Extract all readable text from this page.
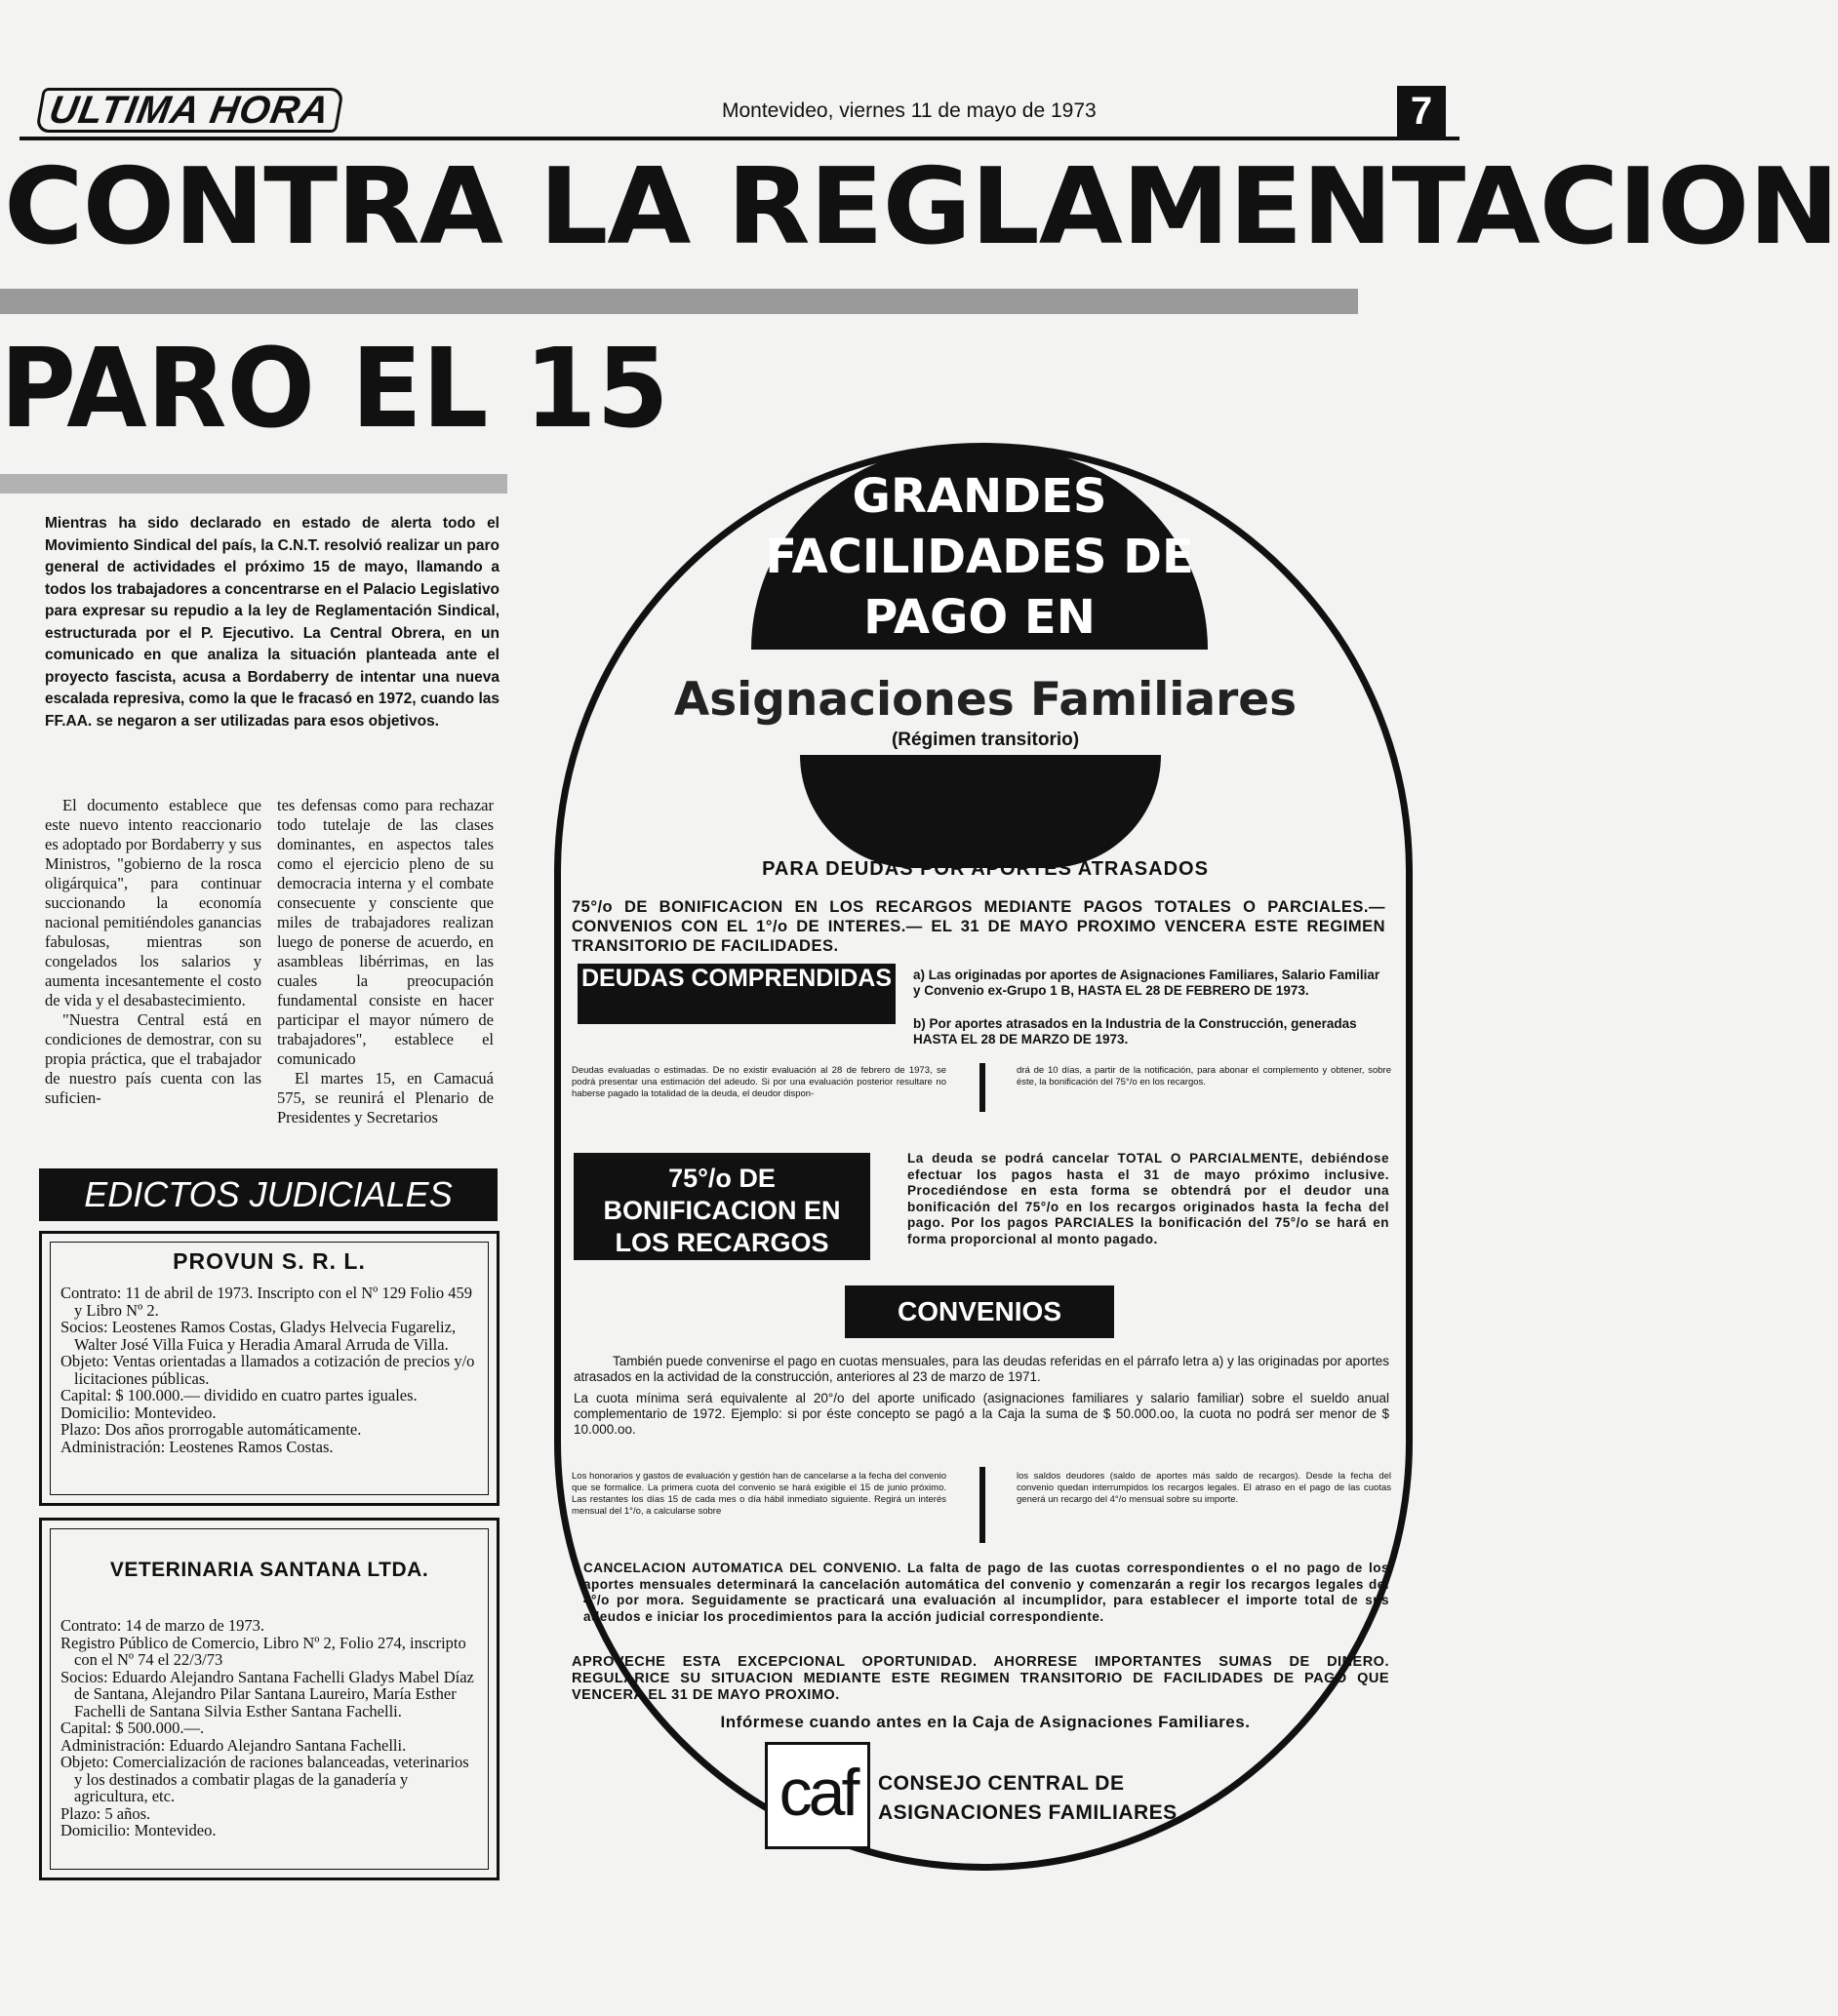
ULTIMA HORA	Montevideo, viernes 11 de mayo de 1973	7
CONTRA LA REGLAMENTACION
PARO EL 15
Mientras ha sido declarado en estado de alerta todo el Movimiento Sindical del país, la C.N.T. resolvió realizar un paro general de actividades el próximo 15 de mayo, llamando a todos los trabajadores a concentrarse en el Palacio Legislativo para expresar su repudio a la ley de Reglamentación Sindical, estructurada por el P. Ejecutivo. La Central Obrera, en un comunicado en que analiza la situación planteada ante el proyecto fascista, acusa a Bordaberry de intentar una nueva escalada represiva, como la que le fracasó en 1972, cuando las FF.AA. se negaron a ser utilizadas para esos objetivos.

El documento establece que este nuevo intento reaccionario es adoptado por Bordaberry y sus Ministros, "gobierno de la rosca oligárquica", para continuar succionando la economía nacional pemitiéndoles ganancias fabulosas, mientras son congelados los salarios y aumenta incesantemente el costo de vida y el desabastecimiento.

"Nuestra Central está en condiciones de demostrar, con su propia práctica, que el trabajador de nuestro país cuenta con las suficien-

tes defensas como para rechazar todo tutelaje de las clases dominantes, en aspectos tales como el ejercicio pleno de su democracia interna y el combate consecuente y consciente que miles de trabajadores realizan luego de ponerse de acuerdo, en asambleas libérrimas, en las cuales la preocupación fundamental consiste en hacer participar el mayor número de trabajadores", establece el comunicado

El martes 15, en Camacuá 575, se reunirá el Plenario de Presidentes y Secretarios

EDICTOS JUDICIALES
PROVUN S. R. L.
Contrato: 11 de abril de 1973. Inscripto con el Nº 129 Folio 459 y Libro Nº 2.
Socios: Leostenes Ramos Costas, Gladys Helvecia Fugareliz, Walter José Villa Fuica y Heradia Amaral Arruda de Villa.
Objeto: Ventas orientadas a llamados a cotización de precios y/o licitaciones públicas.
Capital: $ 100.000.— dividido en cuatro partes iguales.
Domicilio: Montevideo.
Plazo: Dos años prorrogable automáticamente.
Administración: Leostenes Ramos Costas.
VETERINARIA SANTANA LTDA.
Contrato: 14 de marzo de 1973.
Registro Público de Comercio, Libro Nº 2, Folio 274, inscripto con el Nº 74 el 22/3/73
Socios: Eduardo Alejandro Santana Fachelli Gladys Mabel Díaz de Santana, Alejandro Pilar Santana Laureiro, María Esther Fachelli de Santana Silvia Esther Santana Fachelli.
Capital: $ 500.000.—.
Administración: Eduardo Alejandro Santana Fachelli.
Objeto: Comercialización de raciones balanceadas, veterinarios y los destinados a combatir plagas de la ganadería y agricultura, etc.
Plazo: 5 años.
Domicilio: Montevideo.
GRANDES FACILIDADES DE PAGO EN
Asignaciones Familiares
(Régimen transitorio)
PARA DEUDAS POR APORTES ATRASADOS
75°/o DE BONIFICACION EN LOS RECARGOS MEDIANTE PAGOS TOTALES O PARCIALES.— CONVENIOS CON EL 1°/o DE INTERES.— EL 31 DE MAYO PROXIMO VENCERA ESTE REGIMEN TRANSITORIO DE FACILIDADES.
DEUDAS COMPRENDIDAS a) Las originadas por aportes de Asignaciones Familiares, Salario Familiar y Convenio ex-Grupo 1 B, HASTA EL 28 DE FEBRERO DE 1973.
b) Por aportes atrasados en la Industria de la Construcción, generadas HASTA EL 28 DE MARZO DE 1973.
Deudas evaluadas o estimadas. De no existir evaluación al 28 de febrero de 1973, se podrá presentar una estimación del adeudo. Si por una evaluación posterior resultare no haberse pagado la totalidad de la deuda, el deudor dispon-
drá de 10 días, a partir de la notificación, para abonar el complemento y obtener, sobre éste, la bonificación del 75°/o en los recargos.
75°/o DE BONIFICACION EN LOS RECARGOS
La deuda se podrá cancelar TOTAL O PARCIALMENTE, debiéndose efectuar los pagos hasta el 31 de mayo próximo inclusive. Procediéndose en esta forma se obtendrá por el deudor una bonificación del 75°/o en los recargos originados hasta la fecha del pago. Por los pagos PARCIALES la bonificación del 75°/o se hará en forma proporcional al monto pagado.
CONVENIOS
También puede convenirse el pago en cuotas mensuales, para las deudas referidas en el párrafo letra a) y las originadas por aportes atrasados en la actividad de la construcción, anteriores al 23 de marzo de 1971.
La cuota mínima será equivalente al 20°/o del aporte unificado (asignaciones familiares y salario familiar) sobre el sueldo anual complementario de 1972. Ejemplo: si por éste concepto se pagó a la Caja la suma de $ 50.000.oo, la cuota no podrá ser menor de $ 10.000.oo.
Los honorarios y gastos de evaluación y gestión han de cancelarse a la fecha del convenio que se formalice. La primera cuota del convenio se hará exigible el 15 de junio próximo. Las restantes los días 15 de cada mes o día hábil inmediato siguiente. Regirá un interés mensual del 1°/o, a calcularse sobre
los saldos deudores (saldo de aportes más saldo de recargos). Desde la fecha del convenio quedan interrumpidos los recargos legales. El atraso en el pago de las cuotas generá un recargo del 4°/o mensual sobre su importe.
CANCELACION AUTOMATICA DEL CONVENIO. La falta de pago de las cuotas correspondientes o el no pago de los aportes mensuales determinará la cancelación automática del convenio y comenzarán a regir los recargos legales del 4°/o por mora. Seguidamente se practicará una evaluación al incumplidor, para establecer el importe total de sus adeudos e iniciar los procedimientos para la acción judicial correspondiente.
APROVECHE ESTA EXCEPCIONAL OPORTUNIDAD. AHORRESE IMPORTANTES SUMAS DE DINERO. REGULARICE SU SITUACION MEDIANTE ESTE REGIMEN TRANSITORIO DE FACILIDADES DE PAGO QUE VENCERA EL 31 DE MAYO PROXIMO.
Infórmese cuando antes en la Caja de Asignaciones Familiares.
caf	CONSEJO CENTRAL DE
ASIGNACIONES FAMILIARES
